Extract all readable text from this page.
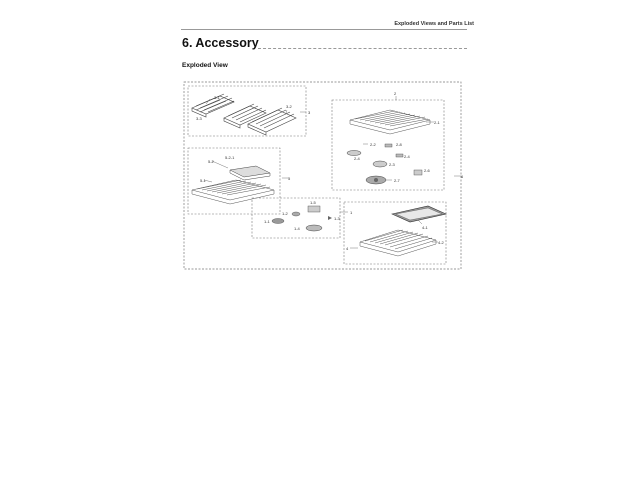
Exploded Views and Parts List
6. Accessory
Exploded View
3-1
3-2
3-3
3
2
2-1
2-2	2-8
2-4	2-4
2-3
2-6
2-7
6
5-2-1
5-2
5-1	5
1-5
1-2
1-3
1-1
1-4
1
4-1
4-2
4
